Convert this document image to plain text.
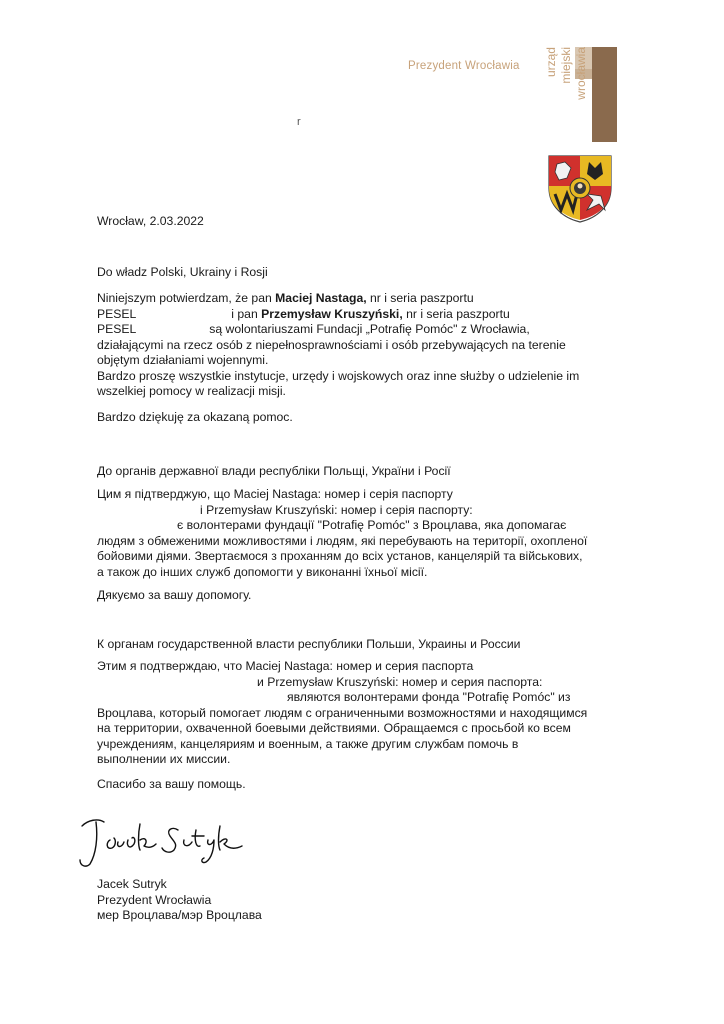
Prezydent Wrocławia urząd miejski wrocławia
r
Wrocław, 2.03.2022
Do władz Polski, Ukrainy i Rosji
Niniejszym potwierdzam, że pan Maciej Nastaga, nr i seria paszportu
PESEL	i pan Przemysław Kruszyński, nr i seria paszportu
PESEL	są wolontariuszami Fundacji „Potrafię Pomóc" z Wrocławia,
działającymi na rzecz osób z niepełnosprawnościami i osób przebywających na terenie
objętym działaniami wojennymi.
Bardzo proszę wszystkie instytucje, urzędy i wojskowych oraz inne służby o udzielenie im
wszelkiej pomocy w realizacji misji.
Bardzo dziękuję za okazaną pomoc.
До органів державної влади республіки Польщі, України і Росії
Цим я підтверджую, що Maciej Nastaga: номер і серія паспорту
і Przemysław Kruszyński: номер і серія паспорту:
є волонтерами фундації "Potrafię Pomóc" з Вроцлава, яка допомагає
людям з обмеженими можливостями і людям, які перебувають на території, охопленої
бойовими діями. Звертаємося з проханням до всіх установ, канцелярій та військових,
а також до інших служб допомогти у виконанні їхньої місії.
Дякуємо за вашу допомогу.
К органам государственной власти республики Польши, Украины и России
Этим я подтверждаю, что Maciej Nastaga: номер и серия паспорта
и Przemysław Kruszyński: номер и серия паспорта:
являются волонтерами фонда "Potrafię Pomóc" из
Вроцлава, который помогает людям с ограниченными возможностями и находящимся
на территории, охваченной боевыми действиями. Обращаемся с просьбой ко всем
учреждениям, канцеляриям и военным, а также другим службам помочь в
выполнении их миссии.
Спасибо за вашу помощь.
Jacek Sutryk
Prezydent Wrocławia
мер Вроцлава/мэр Вроцлава
